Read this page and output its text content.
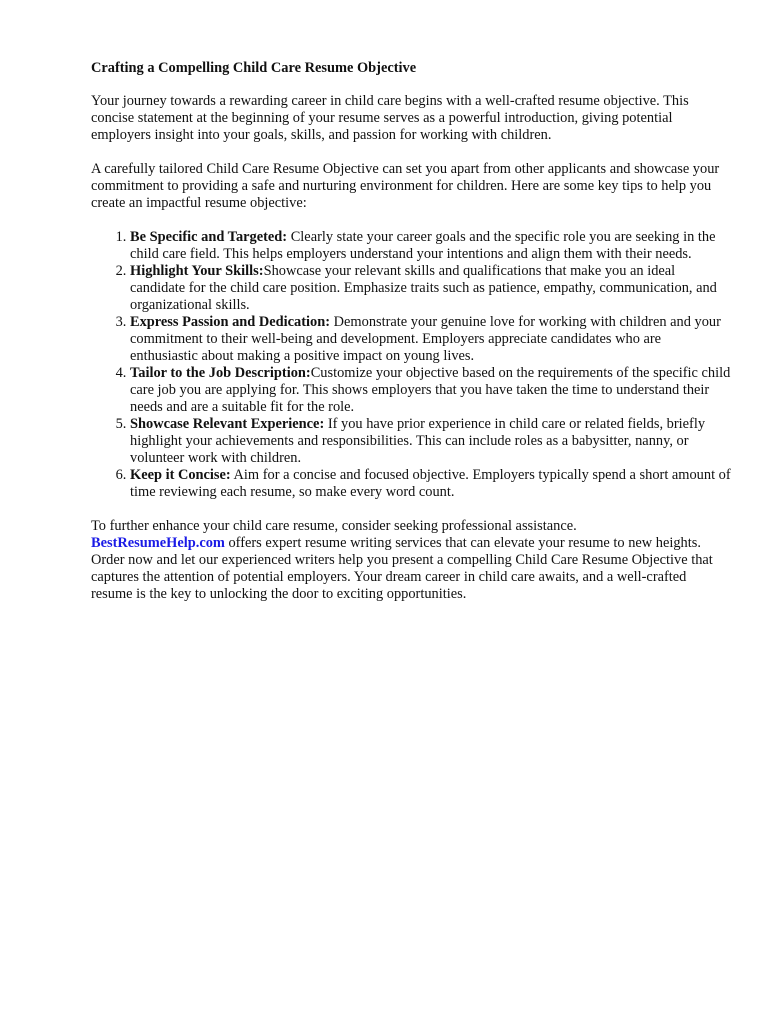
Crafting a Compelling Child Care Resume Objective

Your journey towards a rewarding career in child care begins with a well-crafted resume objective. This concise statement at the beginning of your resume serves as a powerful introduction, giving potential employers insight into your goals, skills, and passion for working with children.

A carefully tailored Child Care Resume Objective can set you apart from other applicants and showcase your commitment to providing a safe and nurturing environment for children. Here are some key tips to help you create an impactful resume objective:

1. Be Specific and Targeted: Clearly state your career goals and the specific role you are seeking in the child care field. This helps employers understand your intentions and align them with their needs.
2. Highlight Your Skills:Showcase your relevant skills and qualifications that make you an ideal candidate for the child care position. Emphasize traits such as patience, empathy, communication, and organizational skills.
3. Express Passion and Dedication: Demonstrate your genuine love for working with children and your commitment to their well-being and development. Employers appreciate candidates who are enthusiastic about making a positive impact on young lives.
4. Tailor to the Job Description:Customize your objective based on the requirements of the specific child care job you are applying for. This shows employers that you have taken the time to understand their needs and are a suitable fit for the role.
5. Showcase Relevant Experience: If you have prior experience in child care or related fields, briefly highlight your achievements and responsibilities. This can include roles as a babysitter, nanny, or volunteer work with children.
6. Keep it Concise: Aim for a concise and focused objective. Employers typically spend a short amount of time reviewing each resume, so make every word count.

To further enhance your child care resume, consider seeking professional assistance.
BestResumeHelp.com offers expert resume writing services that can elevate your resume to new heights. Order now and let our experienced writers help you present a compelling Child Care Resume Objective that captures the attention of potential employers. Your dream career in child care awaits, and a well-crafted resume is the key to unlocking the door to exciting opportunities.
